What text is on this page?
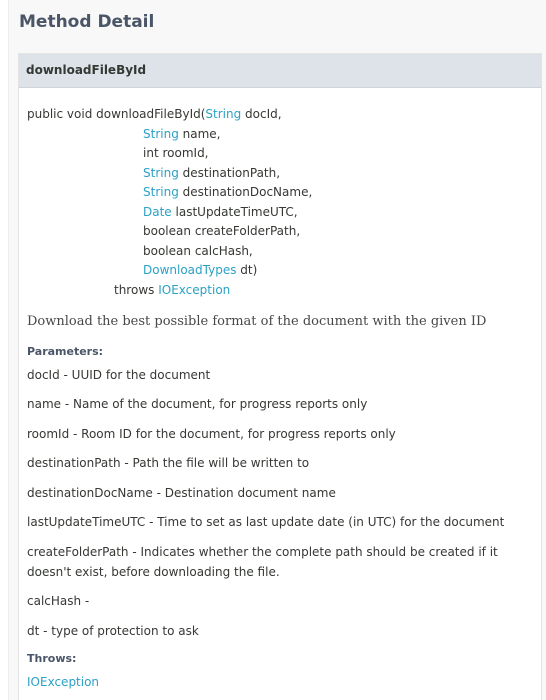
Method Detail
downloadFileById
public void downloadFileById(String docId,
String name,
int roomId,
String destinationPath,
String destinationDocName,
Date lastUpdateTimeUTC,
boolean createFolderPath,
boolean calcHash,
DownloadTypes dt)
throws IOException
Download the best possible format of the document with the given ID
Parameters:
docId - UUID for the document
name - Name of the document, for progress reports only
roomId - Room ID for the document, for progress reports only
destinationPath - Path the file will be written to
destinationDocName - Destination document name
lastUpdateTimeUTC - Time to set as last update date (in UTC) for the document
createFolderPath - Indicates whether the complete path should be created if it
doesn't exist, before downloading the file.
calcHash -
dt - type of protection to ask
Throws:
IOException
